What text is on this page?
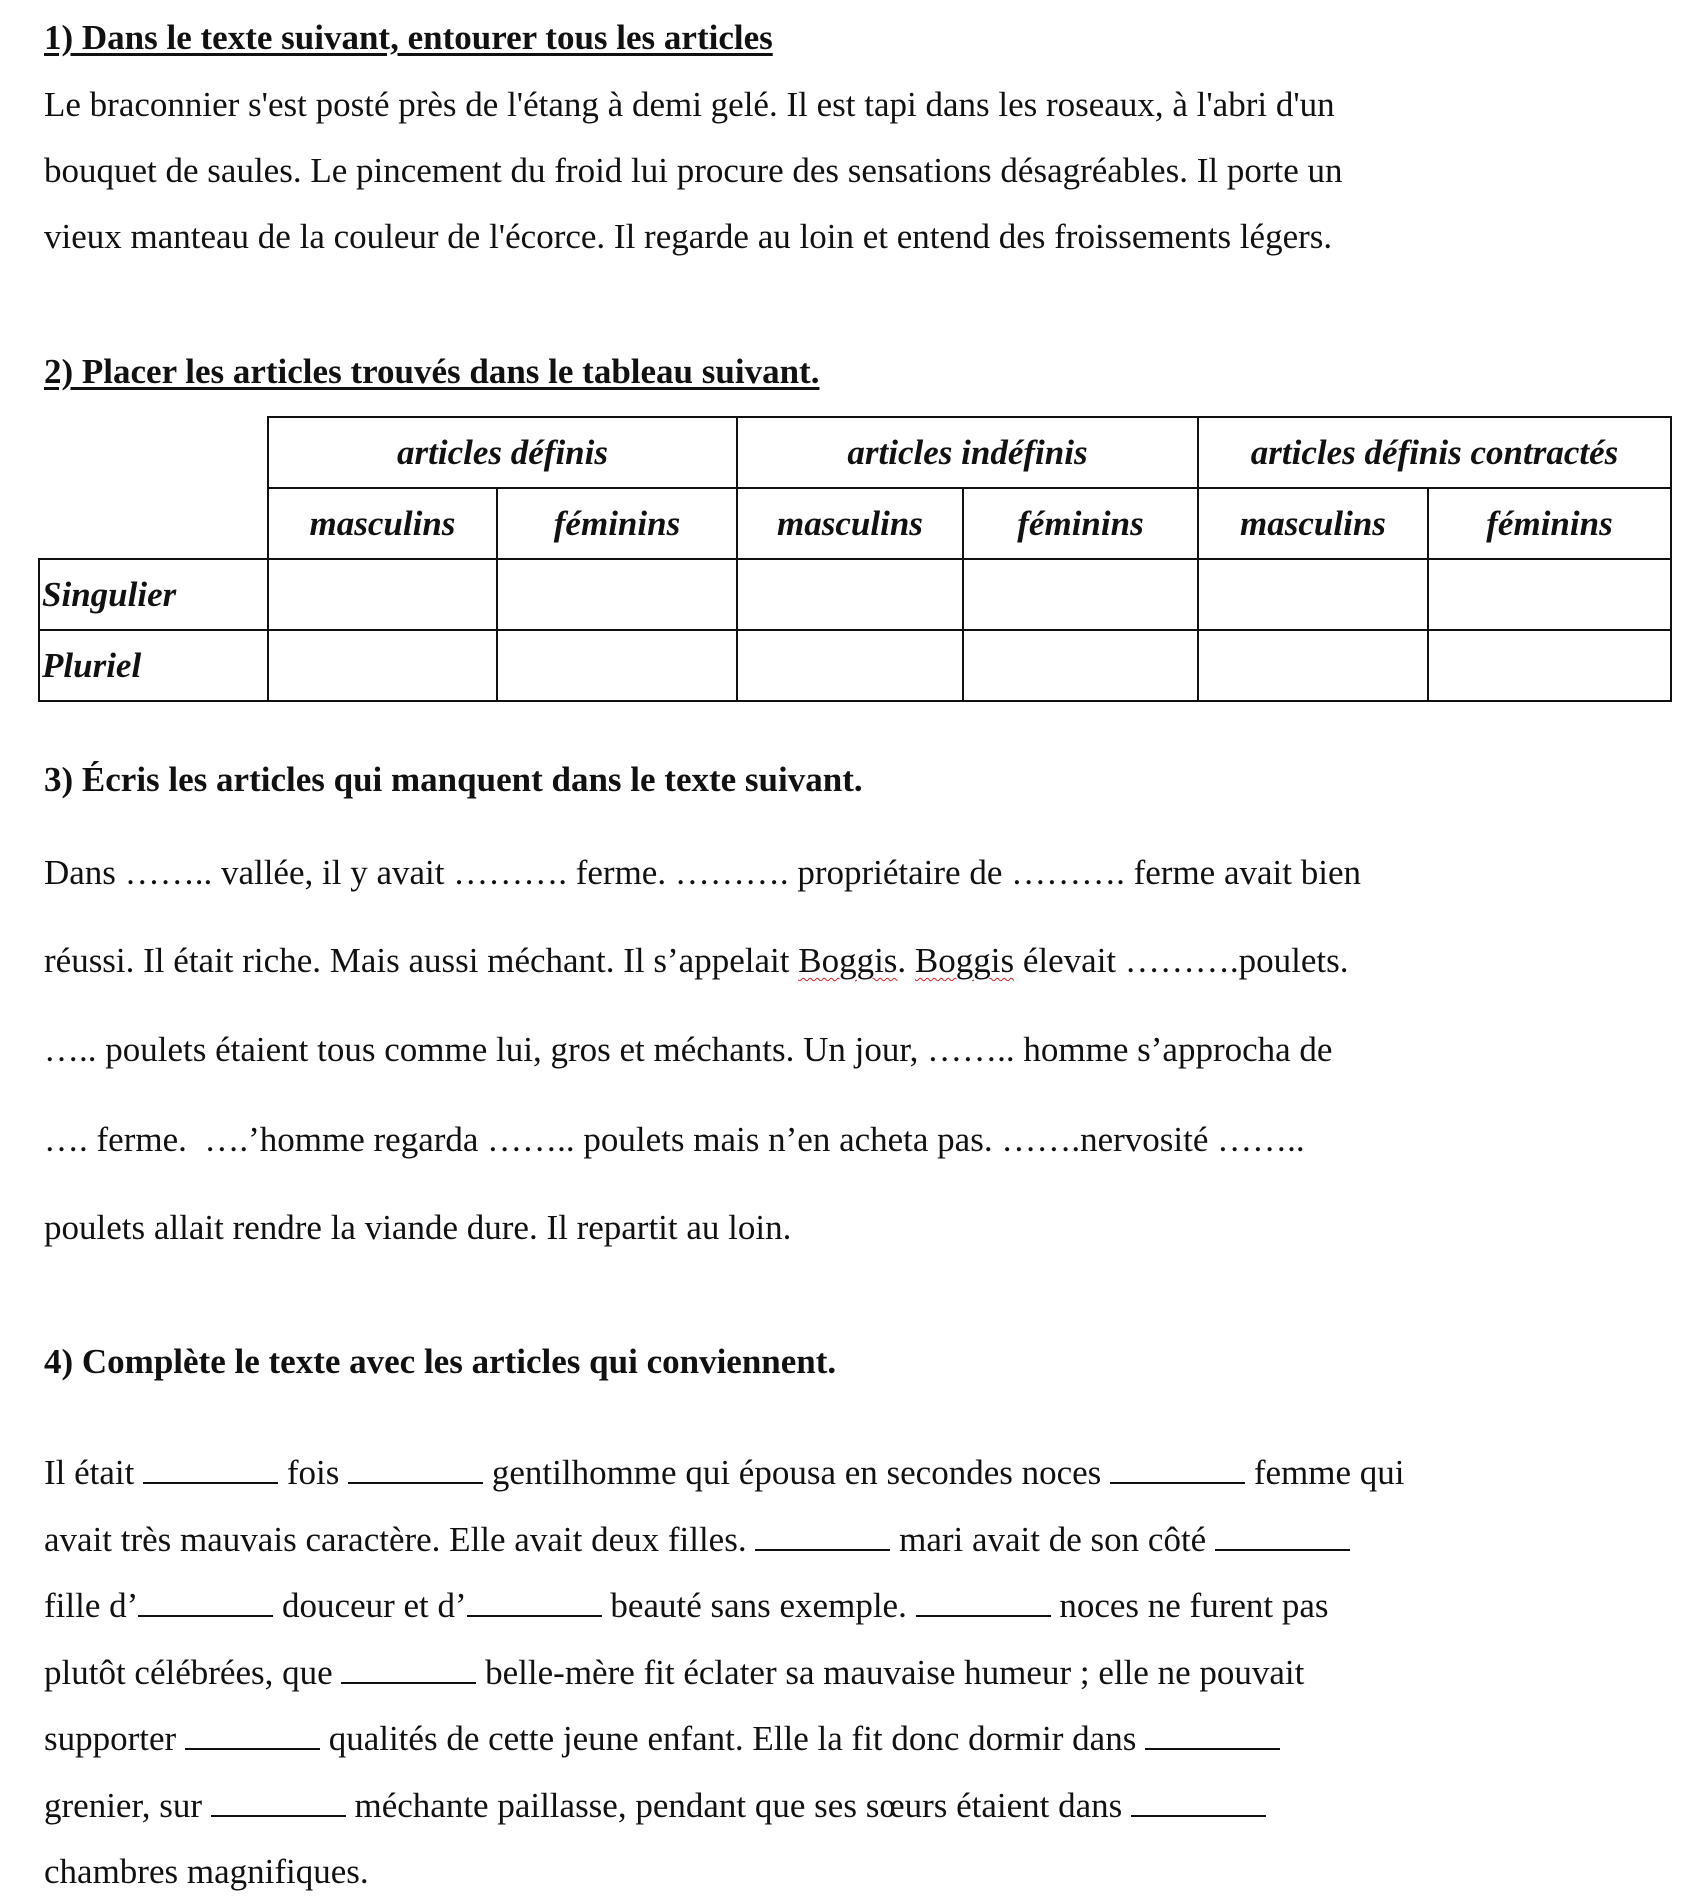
1) Dans le texte suivant, entourer tous les articles
Le braconnier s'est posté près de l'étang à demi gelé. Il est tapi dans les roseaux, à l'abri d'un
bouquet de saules. Le pincement du froid lui procure des sensations désagréables. Il porte un
vieux manteau de la couleur de l'écorce. Il regarde au loin et entend des froissements légers.
2) Placer les articles trouvés dans le tableau suivant.
	articles définis		articles indéfinis		articles définis contractés	
	masculins	féminins	masculins	féminins	masculins	féminins
Singulier						
Pluriel						
3) Écris les articles qui manquent dans le texte suivant.
Dans …….. vallée, il y avait ………. ferme. ………. propriétaire de ………. ferme avait bien
réussi. Il était riche. Mais aussi méchant. Il s’appelait Boggis. Boggis élevait ……….poulets.
….. poulets étaient tous comme lui, gros et méchants. Un jour, …….. homme s’approcha de
…. ferme.  ….’homme regarda …….. poulets mais n’en acheta pas. …….nervosité ……..
poulets allait rendre la viande dure. Il repartit au loin.
4) Complète le texte avec les articles qui conviennent.
Il était	fois	gentilhomme qui épousa en secondes noces	femme qui
avait très mauvais caractère. Elle avait deux filles.	mari avait de son côté
fille d’	douceur et d’	beauté sans exemple.	noces ne furent pas
plutôt célébrées, que	belle-mère fit éclater sa mauvaise humeur ; elle ne pouvait
supporter	qualités de cette jeune enfant. Elle la fit donc dormir dans
grenier, sur	méchante paillasse, pendant que ses sœurs étaient dans
chambres magnifiques.
